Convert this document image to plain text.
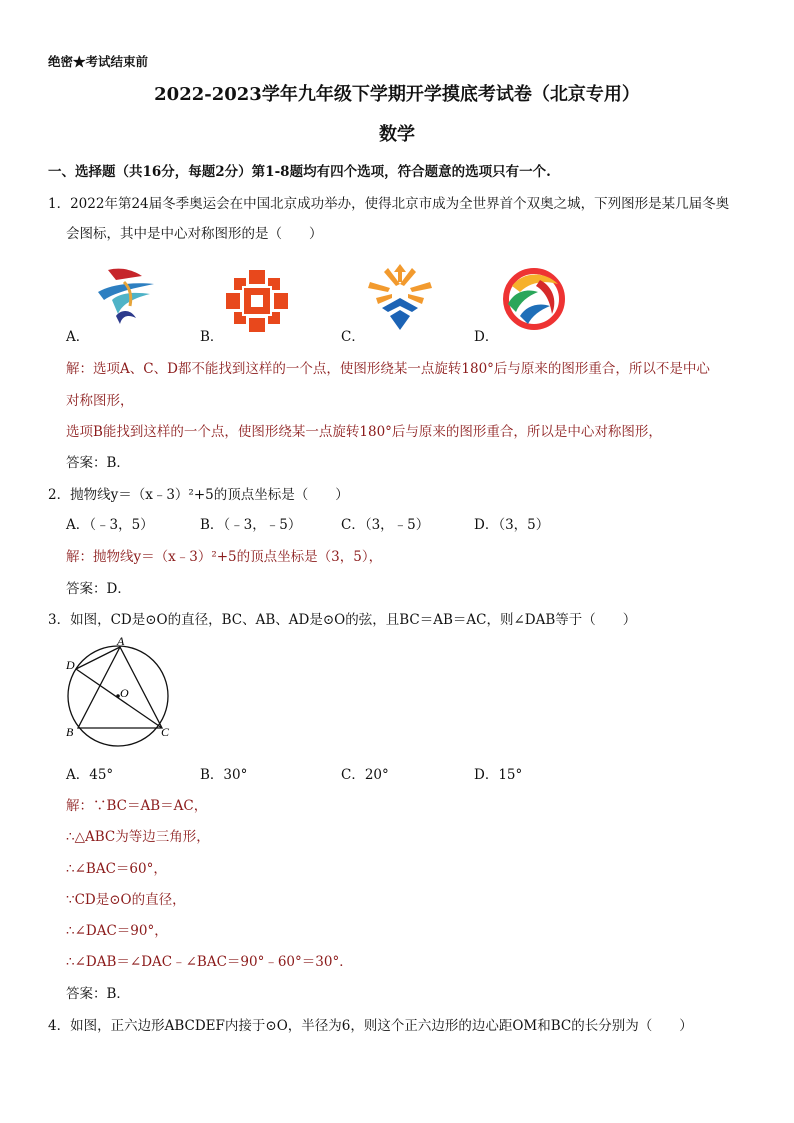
绝密★考试结束前
2022-2023学年九年级下学期开学摸底考试卷（北京专用）
数学
一、选择题（共16分，每题2分）第1-8题均有四个选项，符合题意的选项只有一个.
1．2022年第24届冬季奥运会在中国北京成功举办，使得北京市成为全世界首个双奥之城，下列图形是某几届冬奥
会图标，其中是中心对称图形的是（　　）
A．	B．	C．	D．
解：选项A、C、D都不能找到这样的一个点，使图形绕某一点旋转180°后与原来的图形重合，所以不是中心
对称图形，
选项B能找到这样的一个点，使图形绕某一点旋转180°后与原来的图形重合，所以是中心对称图形，
答案：B．
2．抛物线y＝（x﹣3）²+5的顶点坐标是（　　）
A．（﹣3，5）	B．（﹣3，﹣5）	C．（3，﹣5）	D．（3，5）
解：抛物线y＝（x﹣3）²+5的顶点坐标是（3，5），
答案：D．
3．如图，CD是⊙O的直径，BC、AB、AD是⊙O的弦，且BC＝AB＝AC，则∠DAB等于（　　）
A
D
O
B	C
A．45°	B．30°	C．20°	D．15°
解：∵BC＝AB＝AC，
∴△ABC为等边三角形，
∴∠BAC＝60°，
∵CD是⊙O的直径，
∴∠DAC＝90°，
∴∠DAB＝∠DAC﹣∠BAC＝90°﹣60°＝30°．
答案：B．
4．如图，正六边形ABCDEF内接于⊙O，半径为6，则这个正六边形的边心距OM和BC的长分别为（　　）
